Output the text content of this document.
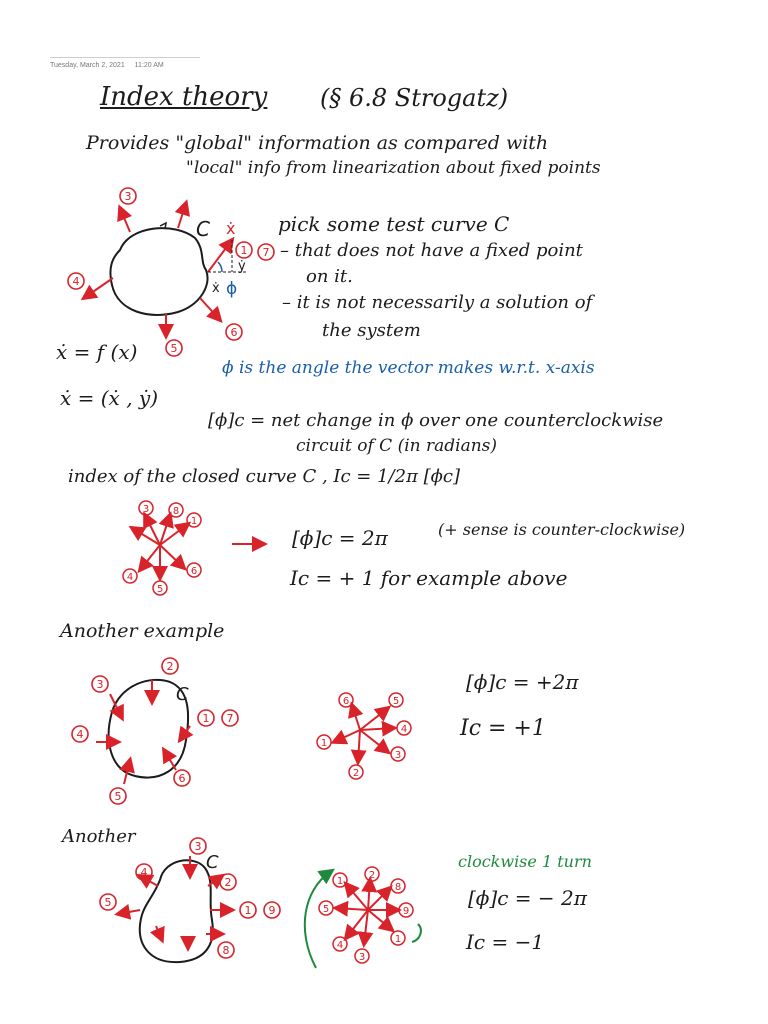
Tuesday, March 2, 2021 11:20 AM
Index theory (§ 6.8 Strogatz)
Provides "global" information as compared with
"local" info from linearization about fixed points
pick some test curve C
– that does not have a fixed point
on it.
– it is not necessarily a solution of
the system
ẋ = f (x)
ϕ is the angle the vector makes w.r.t. x-axis
ẋ = (ẋ , ẏ)
[ϕ]c = net change in ϕ over one counterclockwise
circuit of C (in radians)
index of the closed curve C , Ic = 1/2π [ϕc]
[ϕ]c = 2π	(+ sense is counter-clockwise)
Ic = + 1 for example above
Another example
[ϕ]c = +2π
Ic = +1
Another
clockwise 1 turn
[ϕ]c = − 2π
Ic = −1
C ẋ
ẏ
ẋ ϕ
3
1 7
4
5
6
3 8
1
4
5
6
C
2
3
4
5
6
1 7
6	5
4
3
2
1
C
3
4
5
2
1 9
8
1
2
8
5	9
4
3
1
